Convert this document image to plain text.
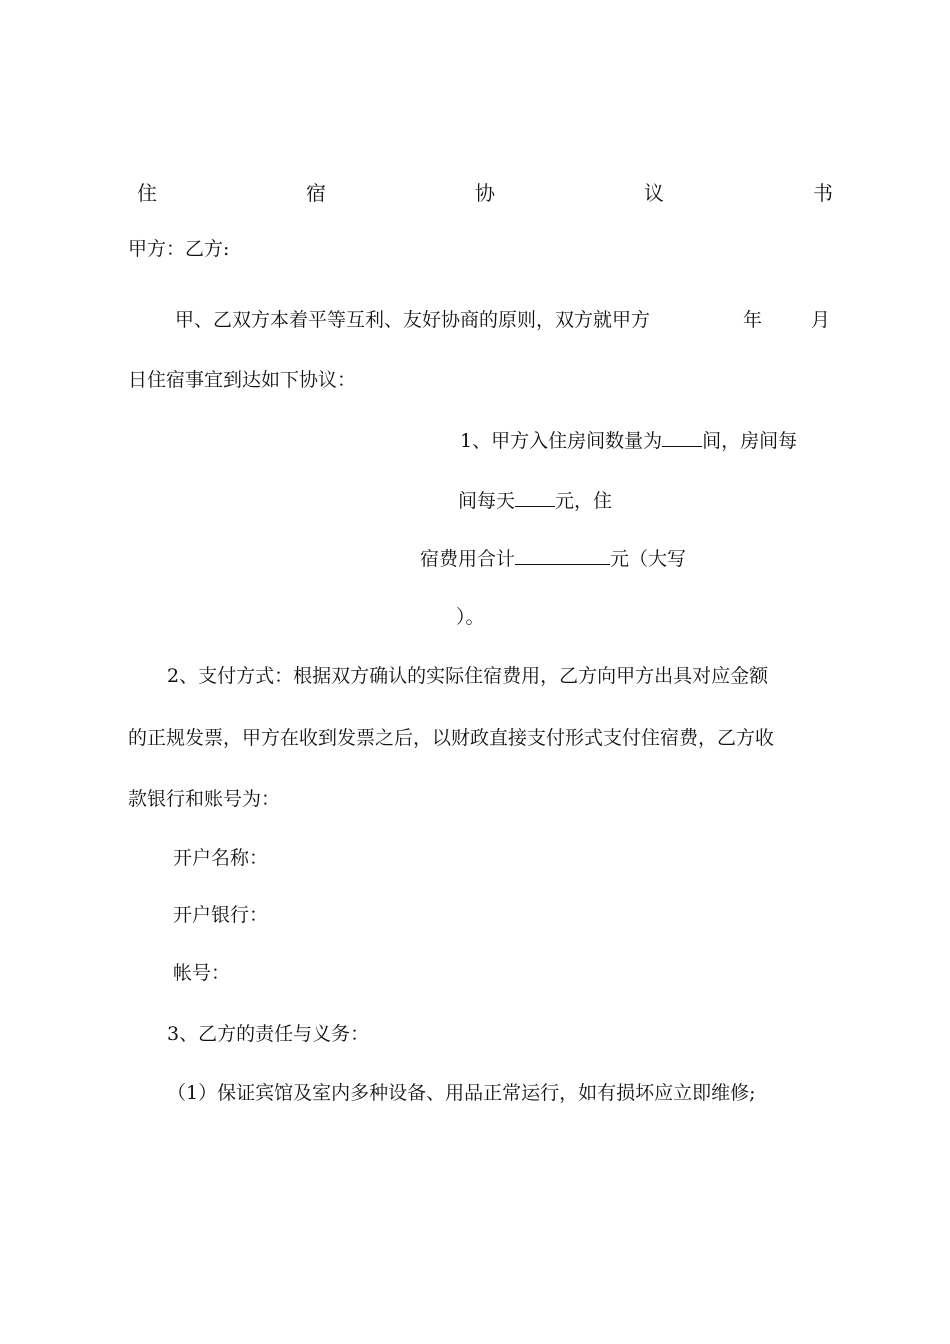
住	宿	协	议	书
甲方：乙方:
甲、乙双方本着平等互利、友好协商的原则，双方就甲方	年	月
日住宿事宜到达如下协议：
1、甲方入住房间数量为 间，房间每
间每天 元，住
宿费用合计	元（大写
）。
2、支付方式：根据双方确认的实际住宿费用，乙方向甲方出具对应金额
的正规发票，甲方在收到发票之后，以财政直接支付形式支付住宿费，乙方收
款银行和账号为：
开户名称：
开户银行：
帐号：
3、乙方的责任与义务：
（1）保证宾馆及室内多种设备、用品正常运行，如有损坏应立即维修;
